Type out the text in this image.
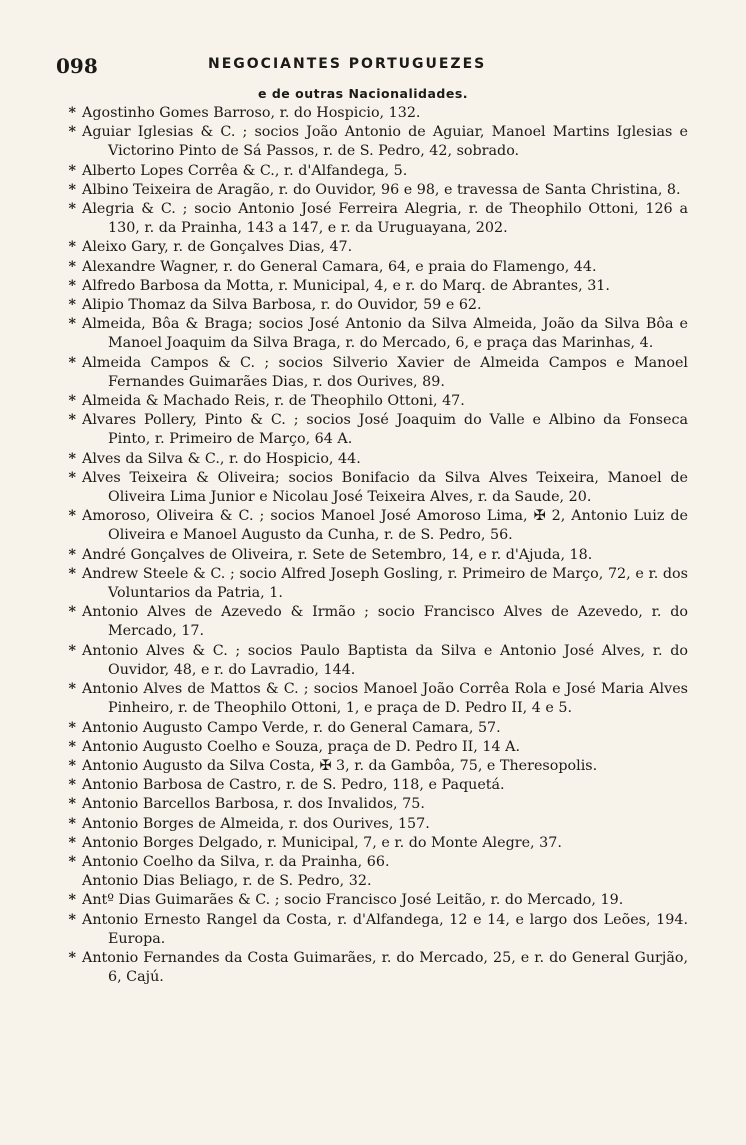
098	NEGOCIANTES PORTUGUEZES
e de outras Nacionalidades.
* Agostinho Gomes Barroso, r. do Hospicio, 132.
* Aguiar Iglesias & C. ; socios João Antonio de Aguiar, Manoel Martins Iglesias e Victorino Pinto de Sá Passos, r. de S. Pedro, 42, sobrado.
* Alberto Lopes Corrêa & C., r. d'Alfandega, 5.
* Albino Teixeira de Aragão, r. do Ouvidor, 96 e 98, e travessa de Santa Christina, 8.
* Alegria & C. ; socio Antonio José Ferreira Alegria, r. de Theophilo Ottoni, 126 a 130, r. da Prainha, 143 a 147, e r. da Uruguayana, 202.
* Aleixo Gary, r. de Gonçalves Dias, 47.
* Alexandre Wagner, r. do General Camara, 64, e praia do Flamengo, 44.
* Alfredo Barbosa da Motta, r. Municipal, 4, e r. do Marq. de Abrantes, 31.
* Alipio Thomaz da Silva Barbosa, r. do Ouvidor, 59 e 62.
* Almeida, Bôa & Braga; socios José Antonio da Silva Almeida, João da Silva Bôa e Manoel Joaquim da Silva Braga, r. do Mercado, 6, e praça das Marinhas, 4.
* Almeida Campos & C. ; socios Silverio Xavier de Almeida Campos e Manoel Fernandes Guimarães Dias, r. dos Ourives, 89.
* Almeida & Machado Reis, r. de Theophilo Ottoni, 47.
* Alvares Pollery, Pinto & C. ; socios José Joaquim do Valle e Albino da Fonseca Pinto, r. Primeiro de Março, 64 A.
* Alves da Silva & C., r. do Hospicio, 44.
* Alves Teixeira & Oliveira; socios Bonifacio da Silva Alves Teixeira, Manoel de Oliveira Lima Junior e Nicolau José Teixeira Alves, r. da Saude, 20.
* Amoroso, Oliveira & C. ; socios Manoel José Amoroso Lima, ✠ 2, Antonio Luiz de Oliveira e Manoel Augusto da Cunha, r. de S. Pedro, 56.
* André Gonçalves de Oliveira, r. Sete de Setembro, 14, e r. d'Ajuda, 18.
* Andrew Steele & C. ; socio Alfred Joseph Gosling, r. Primeiro de Março, 72, e r. dos Voluntarios da Patria, 1.
* Antonio Alves de Azevedo & Irmão ; socio Francisco Alves de Azevedo, r. do Mercado, 17.
* Antonio Alves & C. ; socios Paulo Baptista da Silva e Antonio José Alves, r. do Ouvidor, 48, e r. do Lavradio, 144.
* Antonio Alves de Mattos & C. ; socios Manoel João Corrêa Rola e José Maria Alves Pinheiro, r. de Theophilo Ottoni, 1, e praça de D. Pedro II, 4 e 5.
* Antonio Augusto Campo Verde, r. do General Camara, 57.
* Antonio Augusto Coelho e Souza, praça de D. Pedro II, 14 A.
* Antonio Augusto da Silva Costa, ✠ 3, r. da Gambôa, 75, e Theresopolis.
* Antonio Barbosa de Castro, r. de S. Pedro, 118, e Paquetá.
* Antonio Barcellos Barbosa, r. dos Invalidos, 75.
* Antonio Borges de Almeida, r. dos Ourives, 157.
* Antonio Borges Delgado, r. Municipal, 7, e r. do Monte Alegre, 37.
* Antonio Coelho da Silva, r. da Prainha, 66.
Antonio Dias Beliago, r. de S. Pedro, 32.
* Antº Dias Guimarães & C. ; socio Francisco José Leitão, r. do Mercado, 19.
* Antonio Ernesto Rangel da Costa, r. d'Alfandega, 12 e 14, e largo dos Leões, 194. Europa.
* Antonio Fernandes da Costa Guimarães, r. do Mercado, 25, e r. do General Gurjão, 6, Cajú.
